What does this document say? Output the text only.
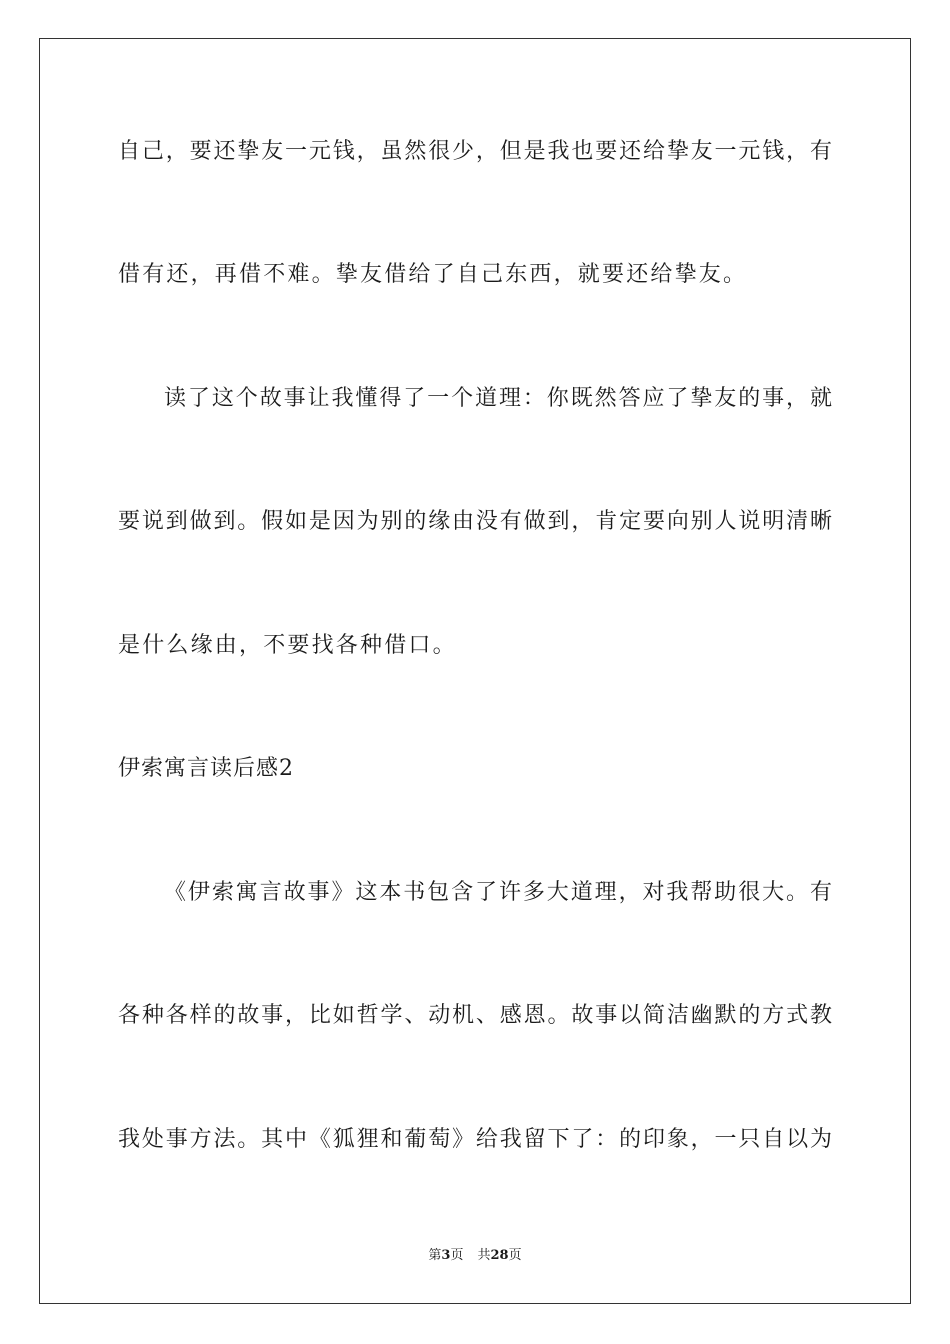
自己，要还挚友一元钱，虽然很少，但是我也要还给挚友一元钱，有
借有还，再借不难。挚友借给了自己东西，就要还给挚友。
读了这个故事让我懂得了一个道理：你既然答应了挚友的事，就
要说到做到。假如是因为别的缘由没有做到，肯定要向别人说明清晰
是什么缘由，不要找各种借口。
伊索寓言读后感2
《伊索寓言故事》这本书包含了许多大道理，对我帮助很大。有
各种各样的故事，比如哲学、动机、感恩。故事以简洁幽默的方式教
我处事方法。其中《狐狸和葡萄》给我留下了：的印象，一只自以为
第3页 共28页
